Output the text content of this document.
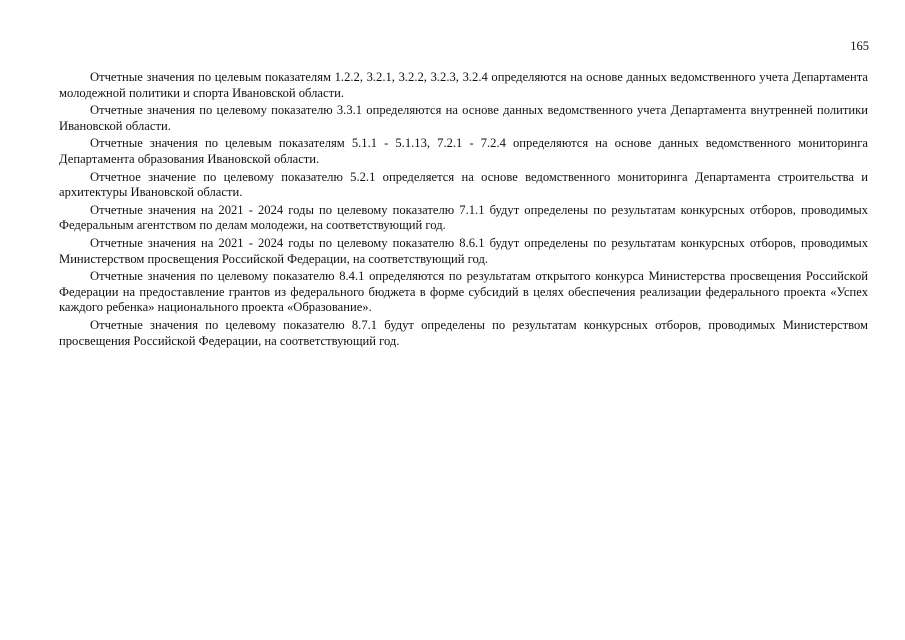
165

Отчетные значения по целевым показателям 1.2.2, 3.2.1, 3.2.2, 3.2.3, 3.2.4 определяются на основе данных ведомственного учета Департамента молодежной политики и спорта Ивановской области.

Отчетные значения по целевому показателю 3.3.1 определяются на основе данных ведомственного учета Департамента внутренней политики Ивановской области.

Отчетные значения по целевым показателям 5.1.1 - 5.1.13, 7.2.1 - 7.2.4 определяются на основе данных ведомственного мониторинга Департамента образования Ивановской области.

Отчетное значение по целевому показателю 5.2.1 определяется на основе ведомственного мониторинга Департамента строительства и архитектуры Ивановской области.

Отчетные значения на 2021 - 2024 годы по целевому показателю 7.1.1 будут определены по результатам конкурсных отборов, проводимых Федеральным агентством по делам молодежи, на соответствующий год.

Отчетные значения на 2021 - 2024 годы по целевому показателю 8.6.1 будут определены по результатам конкурсных отборов, проводимых Министерством просвещения Российской Федерации, на соответствующий год.

Отчетные значения по целевому показателю 8.4.1 определяются по результатам открытого конкурса Министерства просвещения Российской Федерации на предоставление грантов из федерального бюджета в форме субсидий в целях обеспечения реализации федерального проекта «Успех каждого ребенка» национального проекта «Образование».

Отчетные значения по целевому показателю 8.7.1 будут определены по результатам конкурсных отборов, проводимых Министерством просвещения Российской Федерации, на соответствующий год.
